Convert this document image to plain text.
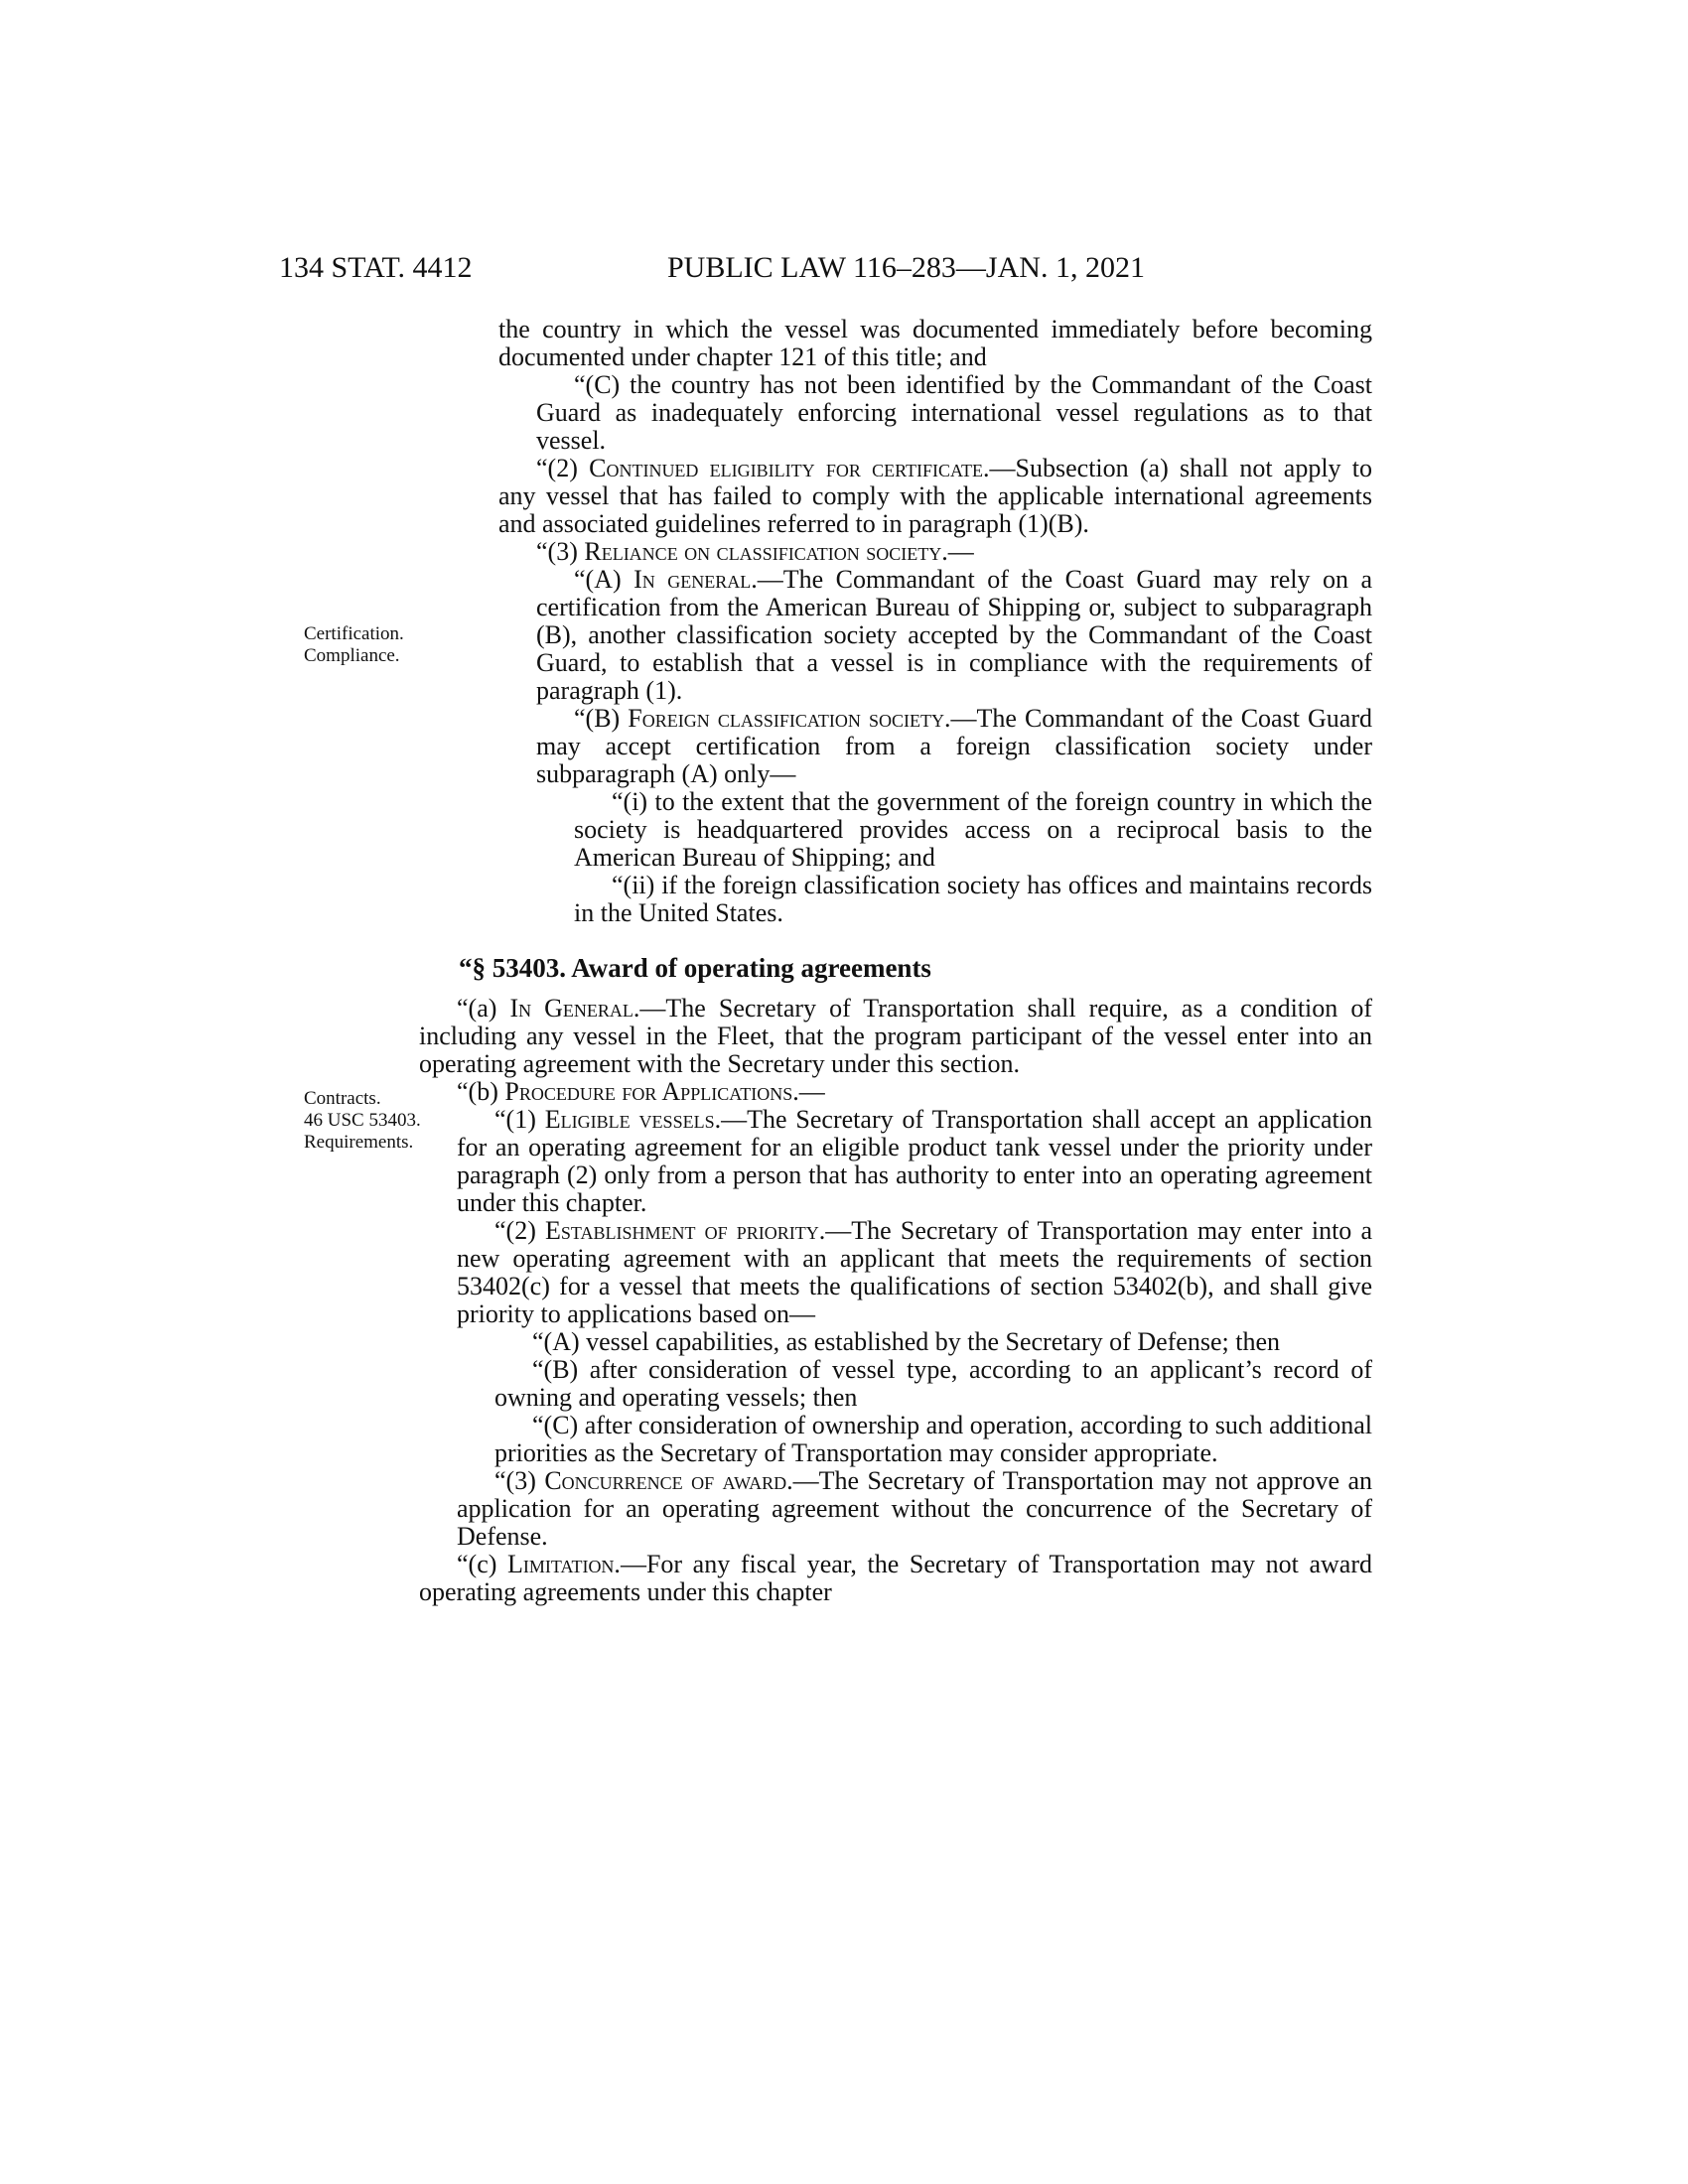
134 STAT. 4412	PUBLIC LAW 116–283—JAN. 1, 2021
Certification.
Compliance.
Contracts.
46 USC 53403.
Requirements.

the country in which the vessel was documented immediately before becoming documented under chapter 121 of this title; and

“(C) the country has not been identified by the Commandant of the Coast Guard as inadequately enforcing international vessel regulations as to that vessel.

“(2) Continued eligibility for certificate.—Subsection (a) shall not apply to any vessel that has failed to comply with the applicable international agreements and associated guidelines referred to in paragraph (1)(B).

“(3) Reliance on classification society.—

“(A) In general.—The Commandant of the Coast Guard may rely on a certification from the American Bureau of Shipping or, subject to subparagraph (B), another classification society accepted by the Commandant of the Coast Guard, to establish that a vessel is in compliance with the requirements of paragraph (1).

“(B) Foreign classification society.—The Commandant of the Coast Guard may accept certification from a foreign classification society under subparagraph (A) only—

“(i) to the extent that the government of the foreign country in which the society is headquartered provides access on a reciprocal basis to the American Bureau of Shipping; and

“(ii) if the foreign classification society has offices and maintains records in the United States.

“§ 53403. Award of operating agreements

“(a) In General.—The Secretary of Transportation shall require, as a condition of including any vessel in the Fleet, that the program participant of the vessel enter into an operating agreement with the Secretary under this section.

“(b) Procedure for Applications.—

“(1) Eligible vessels.—The Secretary of Transportation shall accept an application for an operating agreement for an eligible product tank vessel under the priority under paragraph (2) only from a person that has authority to enter into an operating agreement under this chapter.

“(2) Establishment of priority.—The Secretary of Transportation may enter into a new operating agreement with an applicant that meets the requirements of section 53402(c) for a vessel that meets the qualifications of section 53402(b), and shall give priority to applications based on—

“(A) vessel capabilities, as established by the Secretary of Defense; then

“(B) after consideration of vessel type, according to an applicant’s record of owning and operating vessels; then

“(C) after consideration of ownership and operation, according to such additional priorities as the Secretary of Transportation may consider appropriate.

“(3) Concurrence of award.—The Secretary of Transportation may not approve an application for an operating agreement without the concurrence of the Secretary of Defense.

“(c) Limitation.—For any fiscal year, the Secretary of Transportation may not award operating agreements under this chapter
